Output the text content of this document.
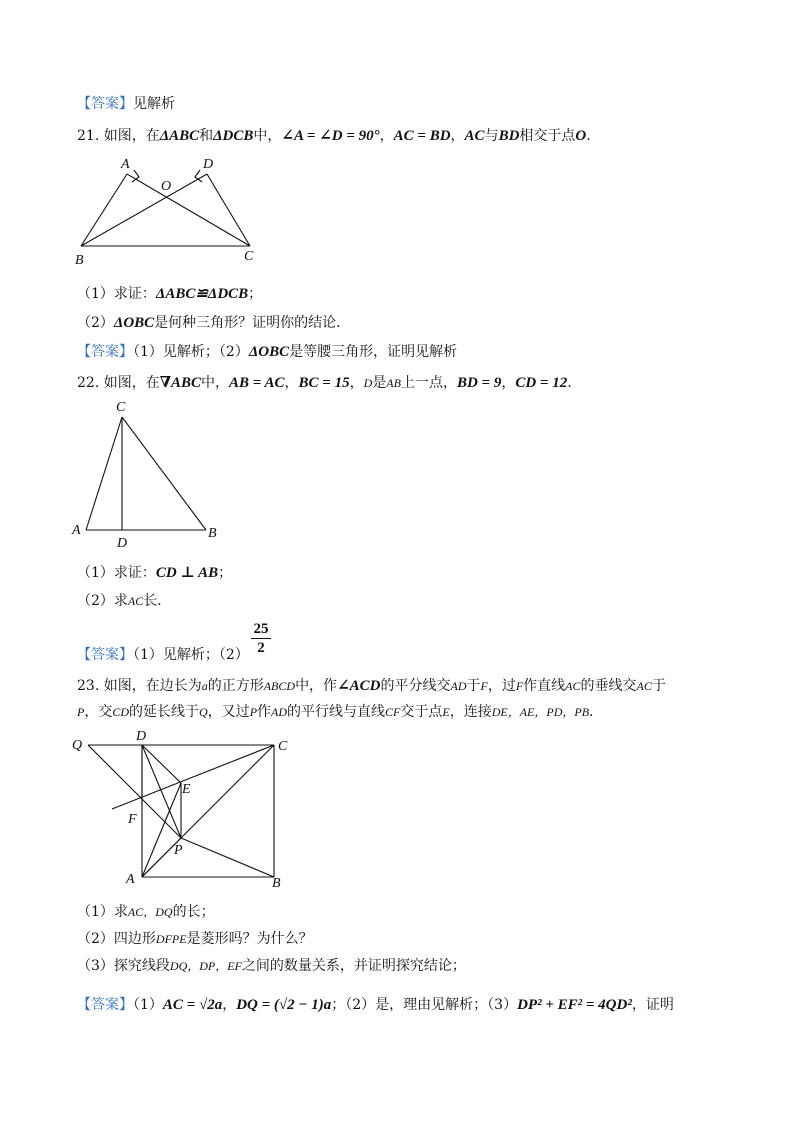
【答案】见解析
21. 如图，在ΔABC和ΔDCB中，∠A = ∠D = 90°，AC = BD，AC与BD相交于点O.
A	D
O
B	C
（1）求证：ΔABC≌ΔDCB；
（2）ΔOBC是何种三角形？证明你的结论．
【答案】（1）见解析；（2）ΔOBC是等腰三角形，证明见解析
22. 如图，在∇ABC中，AB = AC，BC = 15，D是AB上一点，BD = 9，CD = 12.
C
A
D
B
（1）求证：CD ⊥ AB；
（2）求AC长.
【答案】（1）见解析；（2）
25
2
23. 如图，在边长为a的正方形ABCD中，作∠ACD的平分线交AD于F，过F作直线AC的垂线交AC于
P，交CD的延长线于Q，又过P作AD的平行线与直线CF交于点E，连接DE，AE，PD，PB.
Q
D
C
E
F
P
A	B
（1）求AC，DQ的长；
（2）四边形DFPE是菱形吗？为什么？
（3）探究线段DQ，DP，EF之间的数量关系，并证明探究结论；
【答案】（1）AC = √2a，DQ = (√2 − 1)a；（2）是，理由见解析；（3）DP² + EF² = 4QD²，证明
